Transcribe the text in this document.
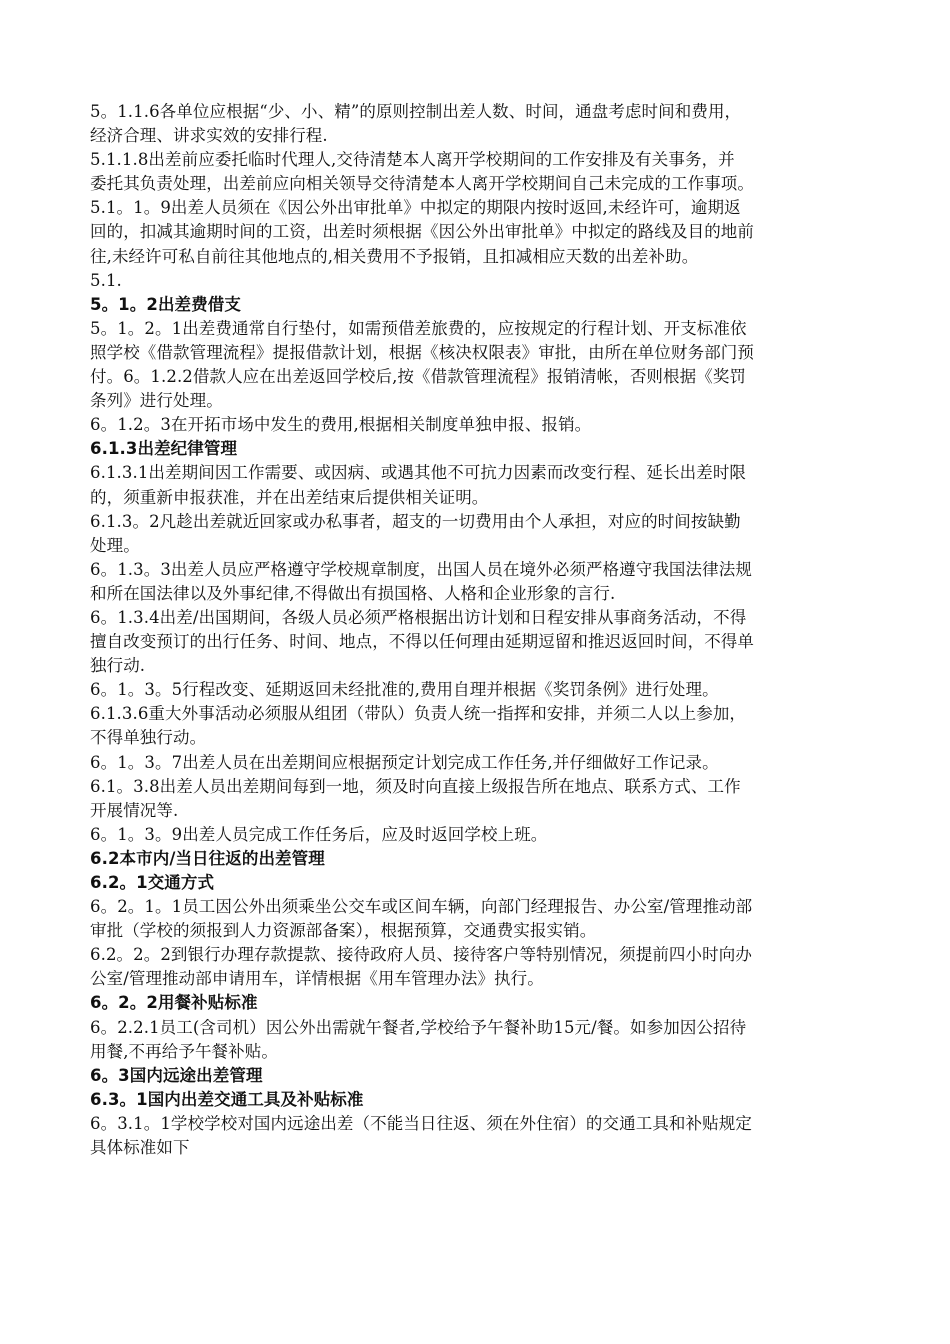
5。1.1.6各单位应根据“少、小、精”的原则控制出差人数、时间，通盘考虑时间和费用，
经济合理、讲求实效的安排行程.
5.1.1.8出差前应委托临时代理人,交待清楚本人离开学校期间的工作安排及有关事务，并
委托其负责处理，出差前应向相关领导交待清楚本人离开学校期间自己未完成的工作事项。
5.1。1。9出差人员须在《因公外出审批单》中拟定的期限内按时返回,未经许可，逾期返
回的，扣减其逾期时间的工资，出差时须根据《因公外出审批单》中拟定的路线及目的地前
往,未经许可私自前往其他地点的,相关费用不予报销，且扣减相应天数的出差补助。
5.1.
5。1。2出差费借支
5。1。2。1出差费通常自行垫付，如需预借差旅费的，应按规定的行程计划、开支标准依
照学校《借款管理流程》提报借款计划，根据《核决权限表》审批，由所在单位财务部门预
付。6。1.2.2借款人应在出差返回学校后,按《借款管理流程》报销清帐，否则根据《奖罚
条列》进行处理。
6。1.2。3在开拓市场中发生的费用,根据相关制度单独申报、报销。
6.1.3出差纪律管理
6.1.3.1出差期间因工作需要、或因病、或遇其他不可抗力因素而改变行程、延长出差时限
的，须重新申报获准，并在出差结束后提供相关证明。
6.1.3。2凡趁出差就近回家或办私事者，超支的一切费用由个人承担，对应的时间按缺勤
处理。
6。1.3。3出差人员应严格遵守学校规章制度，出国人员在境外必须严格遵守我国法律法规
和所在国法律以及外事纪律,不得做出有损国格、人格和企业形象的言行.
6。1.3.4出差/出国期间，各级人员必须严格根据出访计划和日程安排从事商务活动，不得
擅自改变预订的出行任务、时间、地点，不得以任何理由延期逗留和推迟返回时间，不得单
独行动.
6。1。3。5行程改变、延期返回未经批准的,费用自理并根据《奖罚条例》进行处理。
6.1.3.6重大外事活动必须服从组团（带队）负责人统一指挥和安排，并须二人以上参加，
不得单独行动。
6。1。3。7出差人员在出差期间应根据预定计划完成工作任务,并仔细做好工作记录。
6.1。3.8出差人员出差期间每到一地，须及时向直接上级报告所在地点、联系方式、工作
开展情况等.
6。1。3。9出差人员完成工作任务后，应及时返回学校上班。
6.2本市内/当日往返的出差管理
6.2。1交通方式
6。2。1。1员工因公外出须乘坐公交车或区间车辆，向部门经理报告、办公室/管理推动部
审批（学校的须报到人力资源部备案），根据预算，交通费实报实销。
6.2。2。2到银行办理存款提款、接待政府人员、接待客户等特别情况，须提前四小时向办
公室/管理推动部申请用车，详情根据《用车管理办法》执行。
6。2。2用餐补贴标准
6。2.2.1员工(含司机）因公外出需就午餐者,学校给予午餐补助15元/餐。如参加因公招待
用餐,不再给予午餐补贴。
6。3国内远途出差管理
6.3。1国内出差交通工具及补贴标准
6。3.1。1学校学校对国内远途出差（不能当日往返、须在外住宿）的交通工具和补贴规定
具体标准如下
